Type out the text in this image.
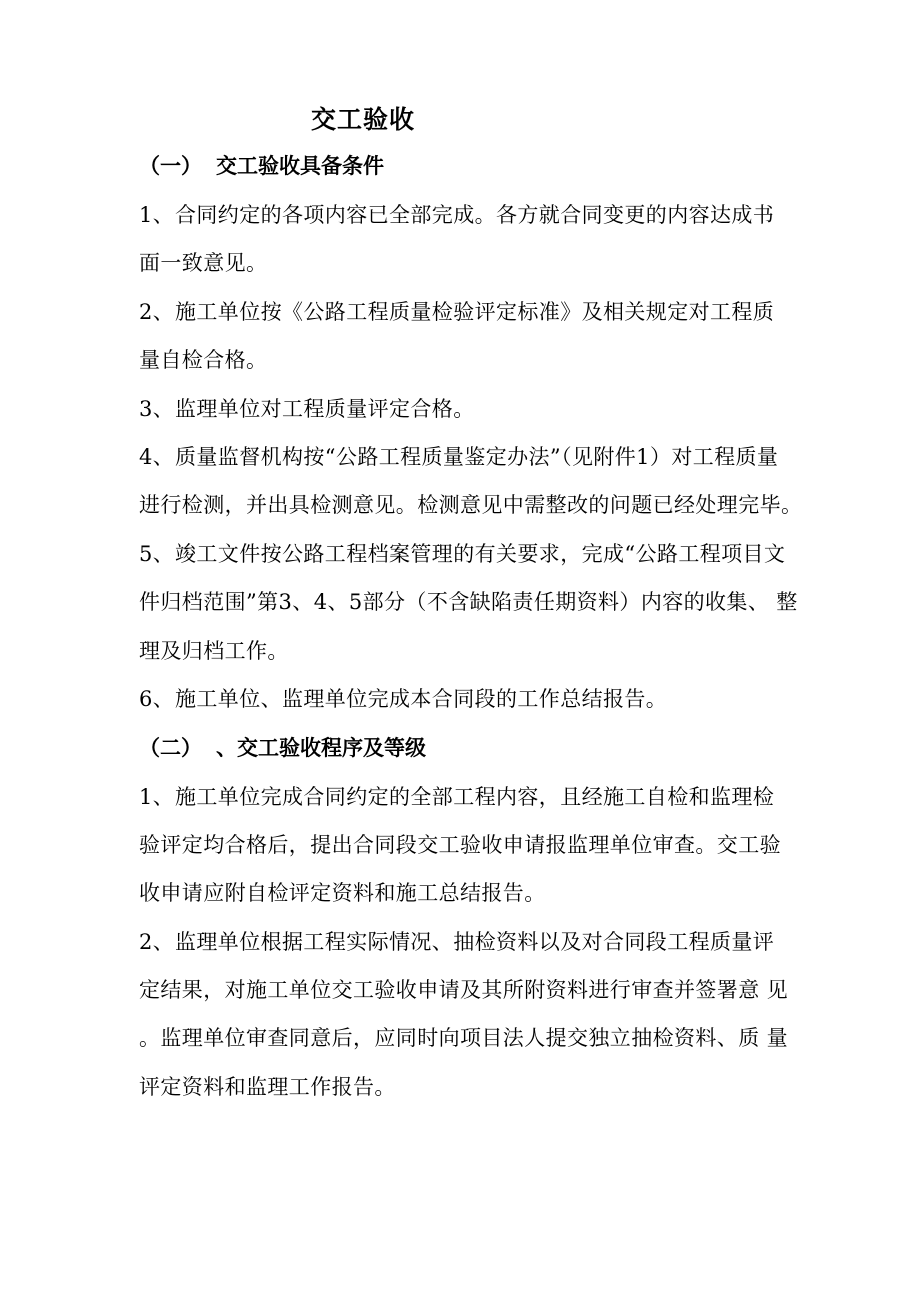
交工验收
（一） 交工验收具备条件
1、合同约定的各项内容已全部完成。各方就合同变更的内容达成书
面一致意见。
2、施工单位按《公路工程质量检验评定标准》及相关规定对工程质
量自检合格。
3、监理单位对工程质量评定合格。
4、质量监督机构按“公路工程质量鉴定办法”（见附件1）对工程质量
进行检测，并出具检测意见。检测意见中需整改的问题已经处理完毕。
5、竣工文件按公路工程档案管理的有关要求，完成“公路工程项目文
件归档范围”第3、4、5部分（不含缺陷责任期资料）内容的收集、 整
理及归档工作。
6、施工单位、监理单位完成本合同段的工作总结报告。
（二） 、交工验收程序及等级
1、施工单位完成合同约定的全部工程内容，且经施工自检和监理检
验评定均合格后，提出合同段交工验收申请报监理单位审查。交工验
收申请应附自检评定资料和施工总结报告。
2、监理单位根据工程实际情况、抽检资料以及对合同段工程质量评
定结果，对施工单位交工验收申请及其所附资料进行审查并签署意 见
。监理单位审查同意后，应同时向项目法人提交独立抽检资料、质 量
评定资料和监理工作报告。
